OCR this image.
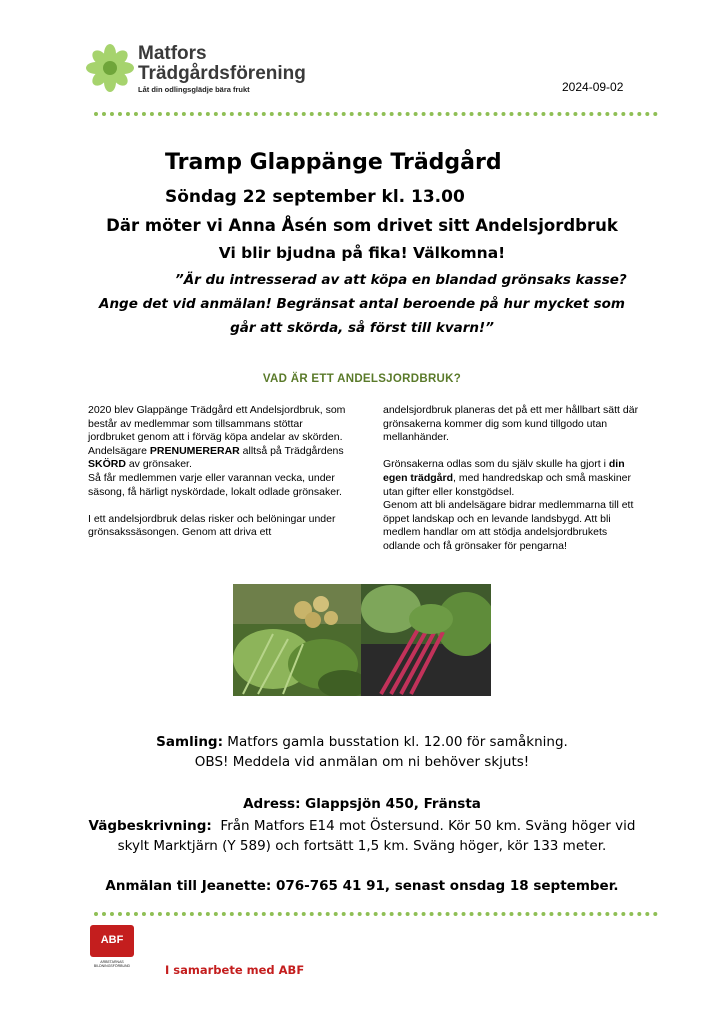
Matfors
Trädgårdsförening
Låt din odlingsglädje bära frukt	2024-09-02
Tramp Glappänge Trädgård
Söndag 22 september kl. 13.00
Där möter vi Anna Åsén som drivet sitt Andelsjordbruk
Vi blir bjudna på fika! Välkomna!
”Är du intresserad av att köpa en blandad grönsaks kasse?
Ange det vid anmälan! Begränsat antal beroende på hur mycket som
går att skörda, så först till kvarn!”
VAD ÄR ETT ANDELSJORDBRUK?

2020 blev Glappänge Trädgård ett Andelsjordbruk, som består av medlemmar som tillsammans stöttar jordbruket genom att i förväg köpa andelar av skörden.

Andelsägare PRENUMERERAR alltså på Trädgårdens SKÖRD av grönsaker.

Så får medlemmen varje eller varannan vecka, under säsong, få härligt nyskördade, lokalt odlade grönsaker.

I ett andelsjordbruk delas risker och belöningar under grönsakssäsongen. Genom att driva ett

andelsjordbruk planeras det på ett mer hållbart sätt där grönsakerna kommer dig som kund tillgodo utan mellanhänder.

Grönsakerna odlas som du själv skulle ha gjort i din egen trädgård, med handredskap och små maskiner utan gifter eller konstgödsel.

Genom att bli andelsägare bidrar medlemmarna till ett öppet landskap och en levande landsbygd. Att bli medlem handlar om att stödja andelsjordbrukets odlande och få grönsaker för pengarna!

Samling: Matfors gamla busstation kl. 12.00 för samåkning.
OBS! Meddela vid anmälan om ni behöver skjuts!
Adress: Glappsjön 450, Fränsta
Vägbeskrivning:  Från Matfors E14 mot Östersund. Kör 50 km. Sväng höger vid
skylt Marktjärn (Y 589) och fortsätt 1,5 km. Sväng höger, kör 133 meter.
Anmälan till Jeanette: 076-765 41 91, senast onsdag 18 september.
ABF
ARBETARNAS
BILDNINGSFÖRBUND	I samarbete med ABF
